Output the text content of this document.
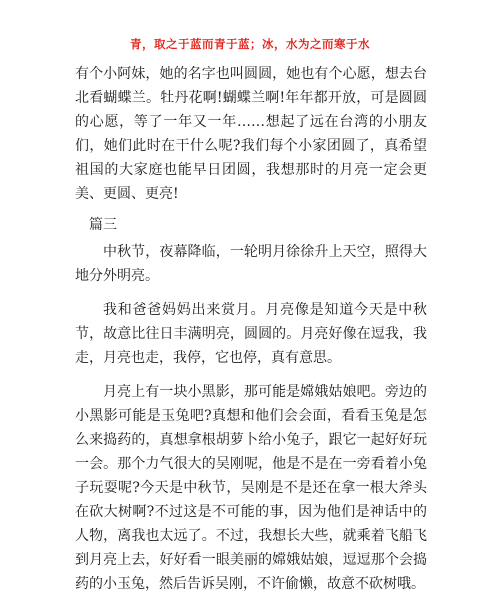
青，取之于蓝而青于蓝；冰，水为之而寒于水

有个小阿妹，她的名字也叫圆圆，她也有个心愿，想去台北看蝴蝶兰。牡丹花啊!蝴蝶兰啊!年年都开放，可是圆圆的心愿，等了一年又一年……想起了远在台湾的小朋友们，她们此时在干什么呢?我们每个小家团圆了，真希望祖国的大家庭也能早日团圆，我想那时的月亮一定会更美、更圆、更亮!

篇三

中秋节，夜幕降临，一轮明月徐徐升上天空，照得大地分外明亮。

我和爸爸妈妈出来赏月。月亮像是知道今天是中秋节，故意比往日丰满明亮，圆圆的。月亮好像在逗我，我走，月亮也走，我停，它也停，真有意思。

月亮上有一块小黑影，那可能是嫦娥姑娘吧。旁边的小黑影可能是玉兔吧?真想和他们会会面，看看玉兔是怎么来捣药的，真想拿根胡萝卜给小兔子，跟它一起好好玩一会。那个力气很大的吴刚呢，他是不是在一旁看着小兔子玩耍呢?今天是中秋节，吴刚是不是还在拿一根大斧头在砍大树啊?不过这是不可能的事，因为他们是神话中的人物，离我也太远了。不过，我想长大些，就乘着飞船飞到月亮上去，好好看一眼美丽的嫦娥姑娘，逗逗那个会捣药的小玉兔，然后告诉吴刚，不许偷懒，故意不砍树哦。
